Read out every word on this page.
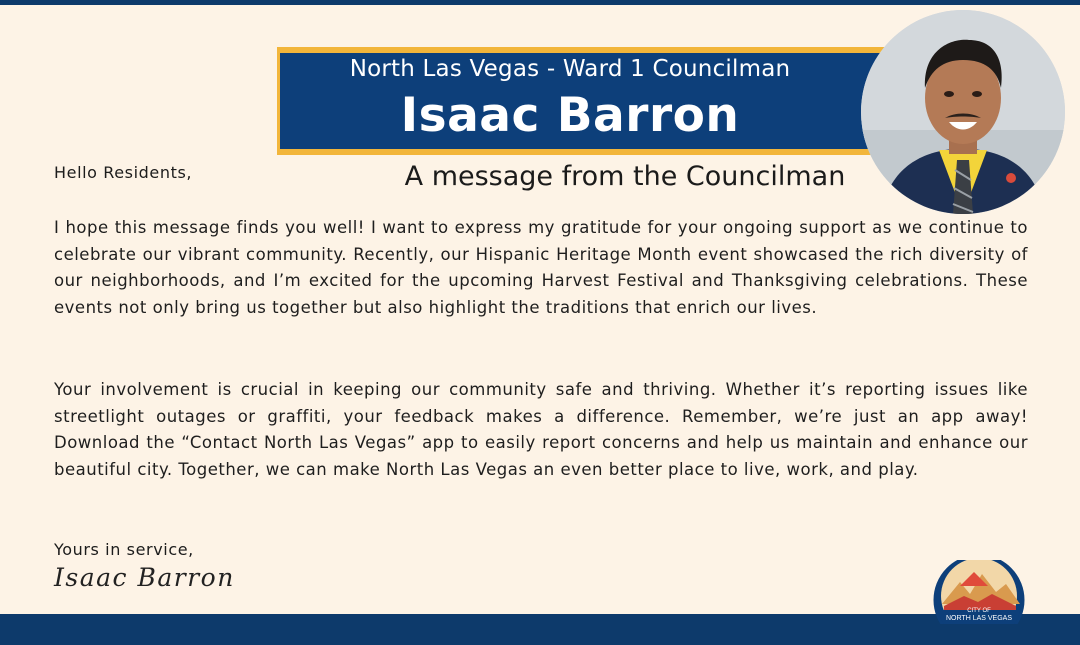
North Las Vegas - Ward 1 Councilman
Isaac Barron
A message from the Councilman
Hello Residents,

I hope this message finds you well! I want to express my gratitude for your ongoing support as we continue to celebrate our vibrant community. Recently, our Hispanic Heritage Month event showcased the rich diversity of our neighborhoods, and I’m excited for the upcoming Harvest Festival and Thanksgiving celebrations. These events not only bring us together but also highlight the traditions that enrich our lives.

Your involvement is crucial in keeping our community safe and thriving. Whether it’s reporting issues like streetlight outages or graffiti, your feedback makes a difference. Remember, we’re just an app away! Download the “Contact North Las Vegas” app to easily report concerns and help us maintain and enhance our beautiful city. Together, we can make North Las Vegas an even better place to live, work, and play.

Yours in service,
Isaac Barron
CITY OF
NORTH LAS VEGAS
